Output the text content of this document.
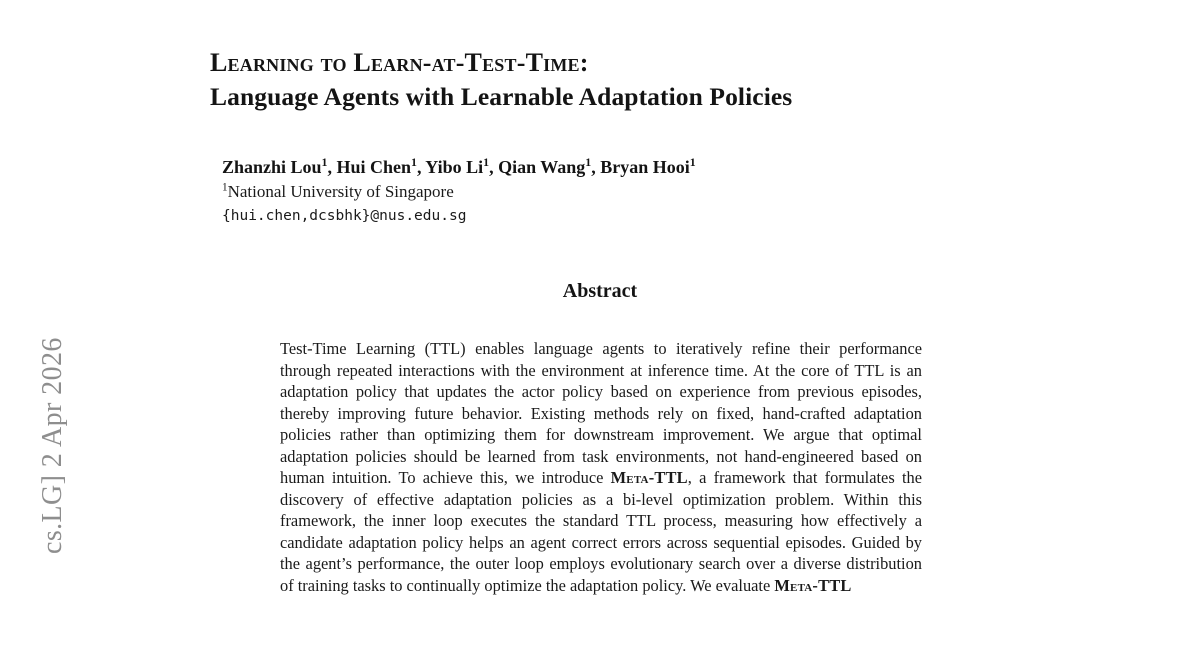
cs.LG] 2 Apr 2026
Learning to Learn-at-Test-Time:
Language Agents with Learnable Adaptation Policies
Zhanzhi Lou$^1$, Hui Chen$^1$, Yibo Li$^1$, Qian Wang$^1$, Bryan Hooi$^1$
$^1$National University of Singapore
{hui.chen,dcsbhk}@nus.edu.sg
Abstract
Test-Time Learning (TTL) enables language agents to iteratively refine their performance through repeated interactions with the environment at inference time. At the core of TTL is an adaptation policy that updates the actor policy based on experience from previous episodes, thereby improving future behavior. Existing methods rely on fixed, hand-crafted adaptation policies rather than optimizing them for downstream improvement. We argue that optimal adaptation policies should be learned from task environments, not hand-engineered based on human intuition. To achieve this, we introduce Meta-TTL, a framework that formulates the discovery of effective adaptation policies as a bi-level optimization problem. Within this framework, the inner loop executes the standard TTL process, measuring how effectively a candidate adaptation policy helps an agent correct errors across sequential episodes. Guided by the agent’s performance, the outer loop employs evolutionary search over a diverse distribution of training tasks to continually optimize the adaptation policy. We evaluate Meta-TTL
